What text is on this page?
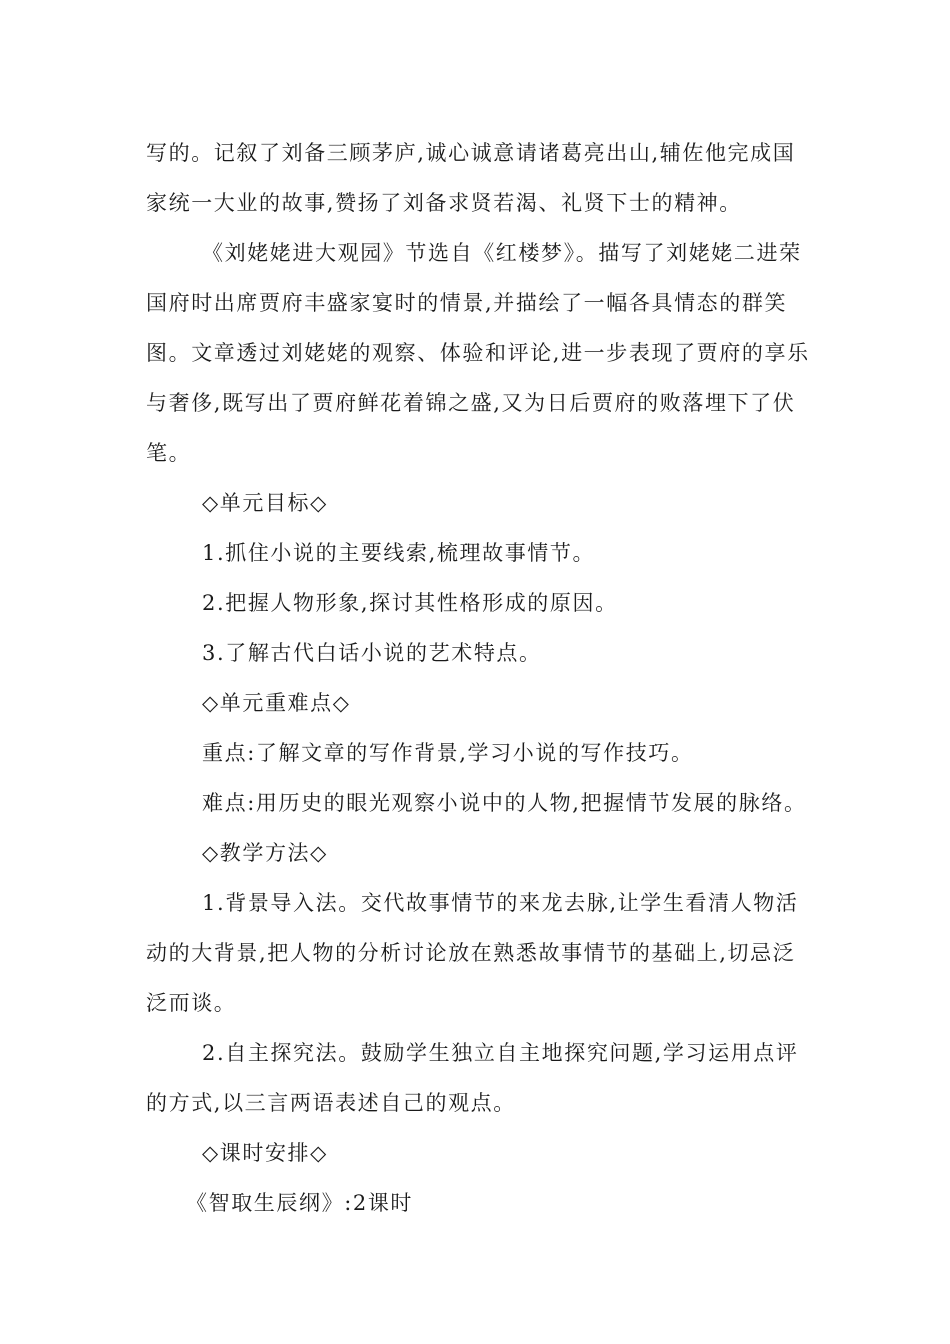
写的。记叙了刘备三顾茅庐,诚心诚意请诸葛亮出山,辅佐他完成国
家统一大业的故事,赞扬了刘备求贤若渴、礼贤下士的精神。
《刘姥姥进大观园》节选自《红楼梦》。描写了刘姥姥二进荣
国府时出席贾府丰盛家宴时的情景,并描绘了一幅各具情态的群笑
图。文章透过刘姥姥的观察、体验和评论,进一步表现了贾府的享乐
与奢侈,既写出了贾府鲜花着锦之盛,又为日后贾府的败落埋下了伏
笔。
◇单元目标◇
1.抓住小说的主要线索,梳理故事情节。
2.把握人物形象,探讨其性格形成的原因。
3.了解古代白话小说的艺术特点。
◇单元重难点◇
重点:了解文章的写作背景,学习小说的写作技巧。
难点:用历史的眼光观察小说中的人物,把握情节发展的脉络。
◇教学方法◇
1.背景导入法。交代故事情节的来龙去脉,让学生看清人物活
动的大背景,把人物的分析讨论放在熟悉故事情节的基础上,切忌泛
泛而谈。
2.自主探究法。鼓励学生独立自主地探究问题,学习运用点评
的方式,以三言两语表述自己的观点。
◇课时安排◇
《智取生辰纲》:2课时
